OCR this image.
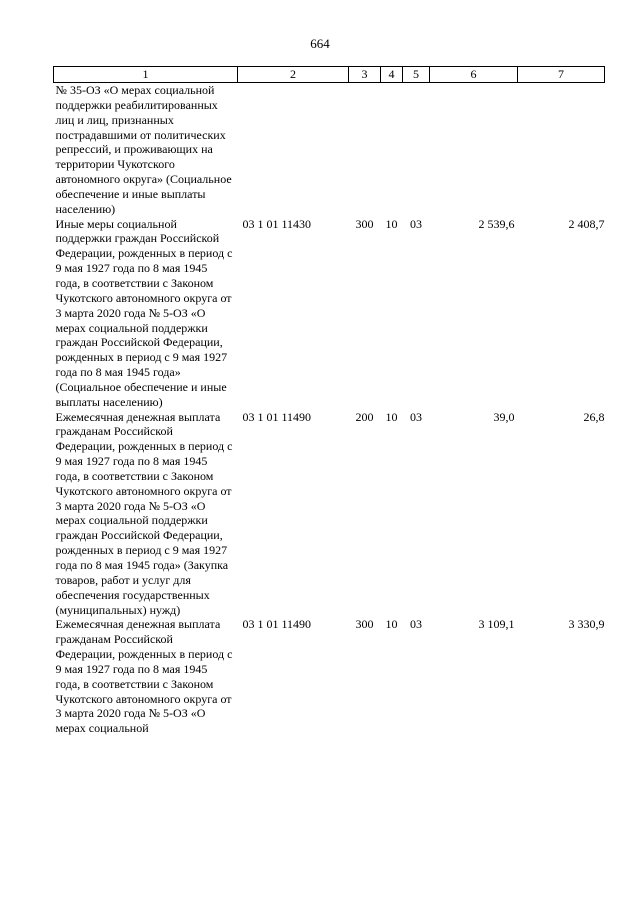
664
1	2	3	4	5	6	7
№ 35-ОЗ «О мерах социальной поддержки реабилитированных лиц и лиц, признанных пострадавшими от политических репрессий, и проживающих на территории Чукотского автономного округа» (Социальное обеспечение и иные выплаты населению)						
Иные меры социальной поддержки граждан Российской Федерации, рожденных в период с 9 мая 1927 года по 8 мая 1945 года, в соответствии с Законом Чукотского автономного округа от 3 марта 2020 года № 5-ОЗ «О мерах социальной поддержки граждан Российской Федерации, рожденных в период с 9 мая 1927 года по 8 мая 1945 года» (Социальное обеспечение и иные выплаты населению)	03 1 01 11430	300	10	03	2 539,6	2 408,7
Ежемесячная денежная выплата гражданам Российской Федерации, рожденных в период с 9 мая 1927 года по 8 мая 1945 года, в соответствии с Законом Чукотского автономного округа от 3 марта 2020 года № 5-ОЗ «О мерах социальной поддержки граждан Российской Федерации, рожденных в период с 9 мая 1927 года по 8 мая 1945 года» (Закупка товаров, работ и услуг для обеспечения государственных (муниципальных) нужд)	03 1 01 11490	200	10	03	39,0	26,8
Ежемесячная денежная выплата гражданам Российской Федерации, рожденных в период с 9 мая 1927 года по 8 мая 1945 года, в соответствии с Законом Чукотского автономного округа от 3 марта 2020 года № 5-ОЗ «О мерах социальной	03 1 01 11490	300	10	03	3 109,1	3 330,9
